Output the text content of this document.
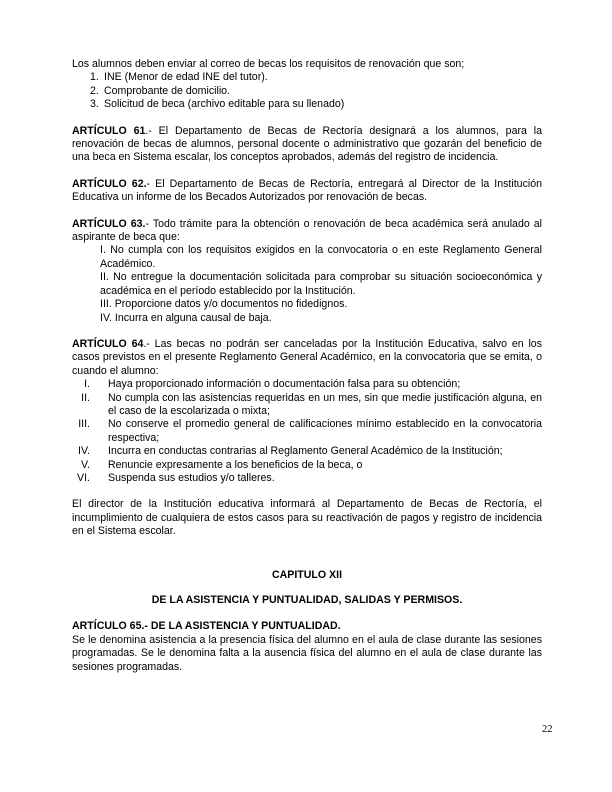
Los alumnos deben enviar al correo de becas los requisitos de renovación que son;

1. INE (Menor de edad INE del tutor).
2. Comprobante de domicilio.
3. Solicitud de beca (archivo editable para su llenado)

ARTÍCULO 61.- El Departamento de Becas de Rectoría designará a los alumnos, para la renovación de becas de alumnos, personal docente o administrativo que gozarán del beneficio de una beca en Sistema escalar, los conceptos aprobados, además del registro de incidencia.

ARTÍCULO 62.- El Departamento de Becas de Rectoría, entregará al Director de la Institución Educativa un informe de los Becados Autorizados por renovación de becas.

ARTÍCULO 63.- Todo trámite para la obtención o renovación de beca académica será anulado al aspirante de beca que:

I. No cumpla con los requisitos exigidos en la convocatoria o en este Reglamento General Académico.

II. No entregue la documentación solicitada para comprobar su situación socioeconómica y académica en el período establecido por la Institución.

III. Proporcione datos y/o documentos no fidedignos.

IV. Incurra en alguna causal de baja.

ARTÍCULO 64.- Las becas no podrán ser canceladas por la Institución Educativa, salvo en los casos previstos en el presente Reglamento General Académico, en la convocatoria que se emita, o cuando el alumno:

I. Haya proporcionado información o documentación falsa para su obtención;
II. No cumpla con las asistencias requeridas en un mes, sin que medie justificación alguna, en el caso de la escolarizada o mixta;
III. No conserve el promedio general de calificaciones mínimo establecido en la convocatoria respectiva;
IV. Incurra en conductas contrarias al Reglamento General Académico de la Institución;
V. Renuncie expresamente a los beneficios de la beca, o
VI. Suspenda sus estudios y/o talleres.

El director de la Institución educativa informará al Departamento de Becas de Rectoría, el incumplimiento de cualquiera de estos casos para su reactivación de pagos y registro de incidencia en el Sistema escolar.

CAPITULO XII

DE LA ASISTENCIA Y PUNTUALIDAD, SALIDAS Y PERMISOS.

ARTÍCULO 65.- DE LA ASISTENCIA Y PUNTUALIDAD.

Se le denomina asistencia a la presencia física del alumno en el aula de clase durante las sesiones programadas. Se le denomina falta a la ausencia física del alumno en el aula de clase durante las sesiones programadas.

22
